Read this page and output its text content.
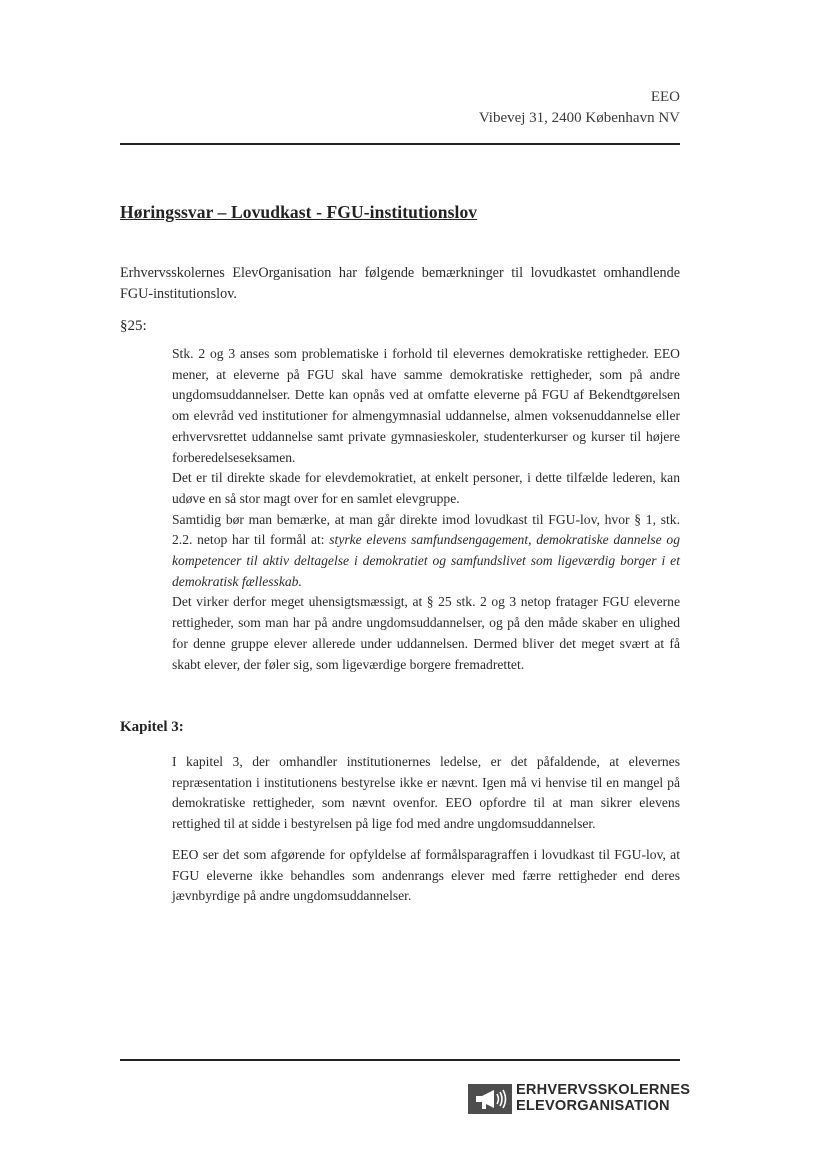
EEO
Vibevej 31, 2400 København NV
Høringssvar – Lovudkast - FGU-institutionslov
Erhvervsskolernes ElevOrganisation har følgende bemærkninger til lovudkastet omhandlende FGU-institutionslov.
§25:

Stk. 2 og 3 anses som problematiske i forhold til elevernes demokratiske rettigheder. EEO mener, at eleverne på FGU skal have samme demokratiske rettigheder, som på andre ungdomsuddannelser. Dette kan opnås ved at omfatte eleverne på FGU af Bekendtgørelsen om elevråd ved institutioner for almengymnasial uddannelse, almen voksenuddannelse eller erhvervsrettet uddannelse samt private gymnasieskoler, studenterkurser og kurser til højere forberedelseseksamen.

Det er til direkte skade for elevdemokratiet, at enkelt personer, i dette tilfælde lederen, kan udøve en så stor magt over for en samlet elevgruppe.

Samtidig bør man bemærke, at man går direkte imod lovudkast til FGU-lov, hvor § 1, stk. 2.2. netop har til formål at: styrke elevens samfundsengagement, demokratiske dannelse og kompetencer til aktiv deltagelse i demokratiet og samfundslivet som ligeværdig borger i et demokratisk fællesskab.

Det virker derfor meget uhensigtsmæssigt, at § 25 stk. 2 og 3 netop fratager FGU eleverne rettigheder, som man har på andre ungdomsuddannelser, og på den måde skaber en ulighed for denne gruppe elever allerede under uddannelsen. Dermed bliver det meget svært at få skabt elever, der føler sig, som ligeværdige borgere fremadrettet.

Kapitel 3:

I kapitel 3, der omhandler institutionernes ledelse, er det påfaldende, at elevernes repræsentation i institutionens bestyrelse ikke er nævnt. Igen må vi henvise til en mangel på demokratiske rettigheder, som nævnt ovenfor. EEO opfordre til at man sikrer elevens rettighed til at sidde i bestyrelsen på lige fod med andre ungdomsuddannelser.

EEO ser det som afgørende for opfyldelse af formålsparagraffen i lovudkast til FGU-lov, at FGU eleverne ikke behandles som andenrangs elever med færre rettigheder end deres jævnbyrdige på andre ungdomsuddannelser.

ERHVERVSSKOLERNES
ELEVORGANISATION
